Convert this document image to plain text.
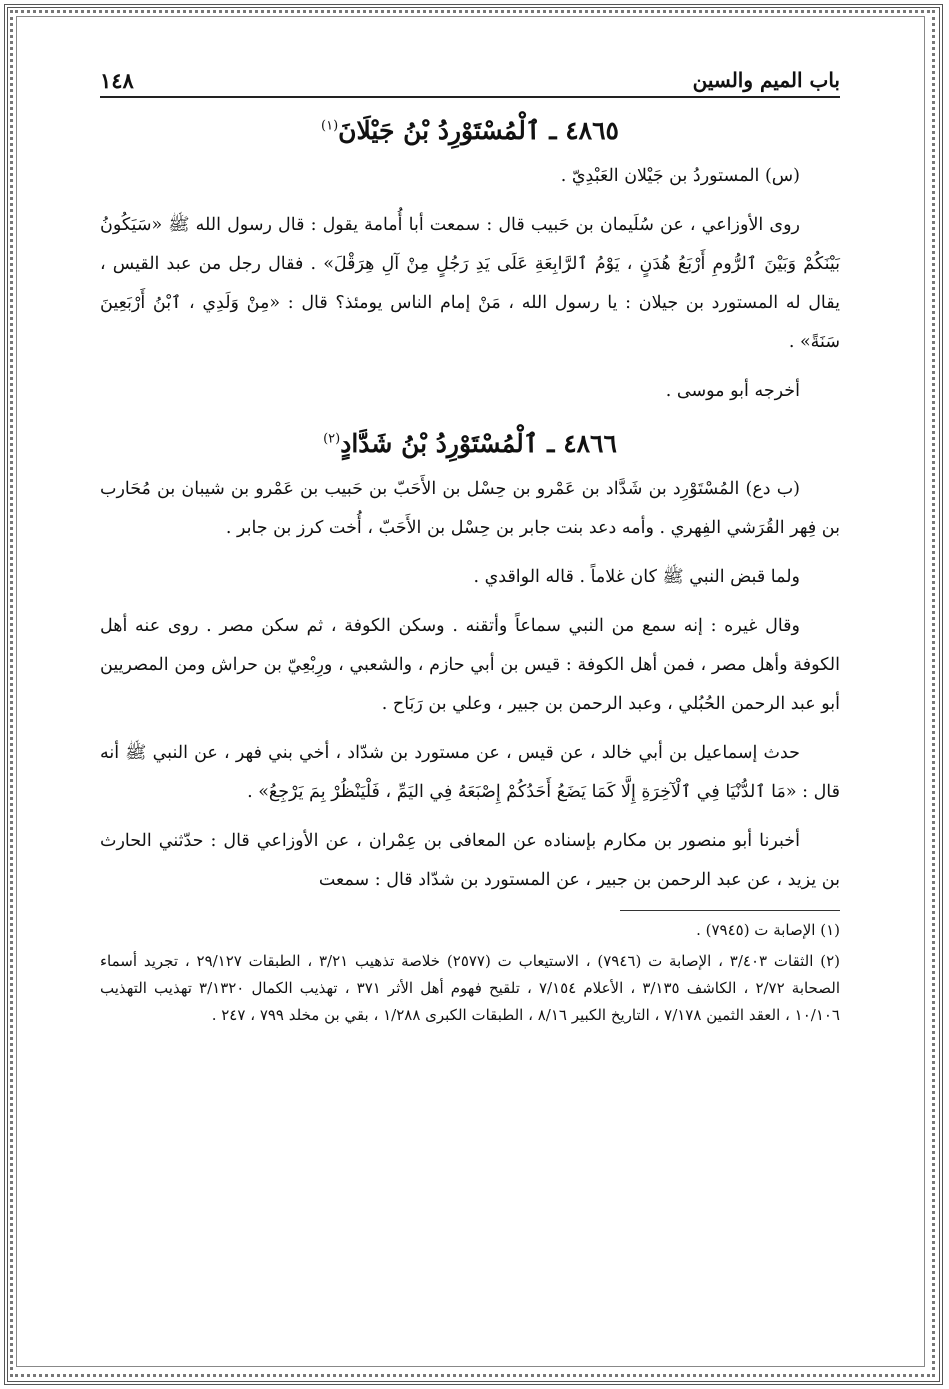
باب الميم والسين
١٤٨
٤٨٦٥ ـ ٱلْمُسْتَوْرِدُ بْنُ جَيْلَانَ$^{(١)}$

(س) المستوردُ بن جَيْلان العَبْدِيّ .

روى الأوزاعي ، عن سُلَيمان بن حَبيب قال : سمعت أبا أُمامة يقول : قال رسول الله ﷺ «سَيَكُونُ بَيْنَكُمْ وَبَيْنَ ٱلرُّومِ أَرْبَعُ هُدَنٍ ، يَوْمُ ٱلرَّابِعَةِ عَلَى يَدِ رَجُلٍ مِنْ آلِ هِرَقْلَ» . فقال رجل من عبد القيس ، يقال له المستورد بن جيلان : يا رسول الله ، مَنْ إمام الناس يومئذ؟ قال : «مِنْ وَلَدِي ، ٱبْنُ أَرْبَعِينَ سَنَةً» .

أخرجه أبو موسى .

٤٨٦٦ ـ ٱلْمُسْتَوْرِدُ بْنُ شَدَّادٍ$^{(٢)}$

(ب دع) المُسْتَوْرِد بن شَدَّاد بن عَمْرو بن حِسْل بن الأَحَبّ بن حَبيب بن عَمْرو بن شيبان بن مُحَارب بن فِهر القُرَشي الفِهري . وأمه دعد بنت جابر بن حِسْل بن الأَحَبّ ، أُخت كرز بن جابر .

ولما قبض النبي ﷺ كان غلاماً . قاله الواقدي .

وقال غيره : إنه سمع من النبي سماعاً وأتقنه . وسكن الكوفة ، ثم سكن مصر . روى عنه أهل الكوفة وأهل مصر ، فمن أهل الكوفة : قيس بن أبي حازم ، والشعبي ، ورِبْعِيّ بن حراش ومن المصريين أبو عبد الرحمن الحُبُلي ، وعبد الرحمن بن جبير ، وعلي بن رَبَاح .

حدث إسماعيل بن أبي خالد ، عن قيس ، عن مستورد بن شدّاد ، أخي بني فهر ، عن النبي ﷺ أنه قال : «مَا ٱلدُّنْيَا فِي ٱلْآخِرَةِ إِلَّا كَمَا يَضَعُ أَحَدُكُمْ إِصْبَعَهُ فِي اليَمِّ ، فَلْيَنْظُرْ بِمَ يَرْجِعُ» .

أخبرنا أبو منصور بن مكارم بإسناده عن المعافى بن عِمْران ، عن الأوزاعي قال : حدّثني الحارث بن يزيد ، عن عبد الرحمن بن جبير ، عن المستورد بن شدّاد قال : سمعت

(١) الإصابة ت (٧٩٤٥) .

(٢) الثقات ٣/٤٠٣ ، الإصابة ت (٧٩٤٦) ، الاستيعاب ت (٢٥٧٧) خلاصة تذهيب ٣/٢١ ، الطبقات ٢٩/١٢٧ ، تجريد أسماء الصحابة ٢/٧٢ ، الكاشف ٣/١٣٥ ، الأعلام ٧/١٥٤ ، تلقيح فهوم أهل الأثر ٣٧١ ، تهذيب الكمال ٣/١٣٢٠ تهذيب التهذيب ١٠/١٠٦ ، العقد الثمين ٧/١٧٨ ، التاريخ الكبير ٨/١٦ ، الطبقات الكبرى ١/٢٨٨ ، بقي بن مخلد ٧٩٩ ، ٢٤٧ .
